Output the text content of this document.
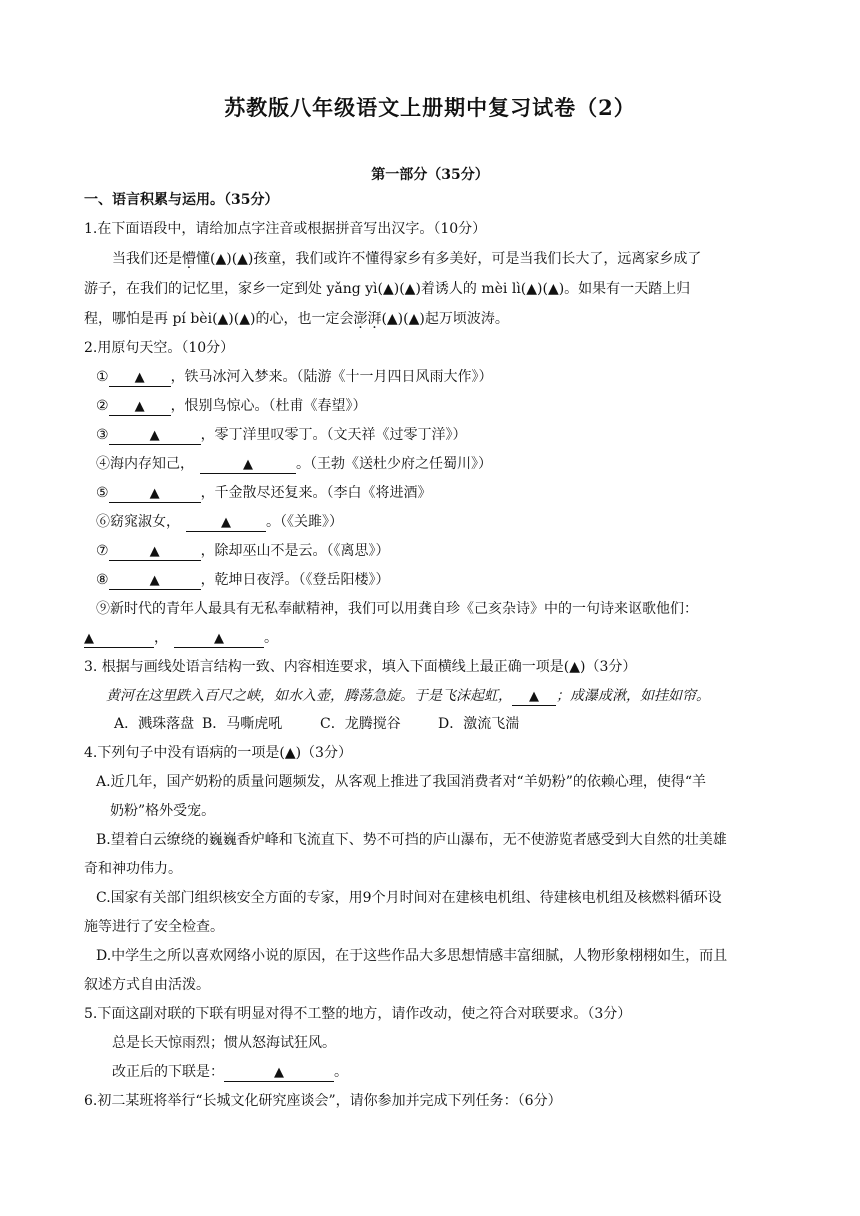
苏教版八年级语文上册期中复习试卷（2）
第一部分（35分）
一、语言积累与运用。（35分）
1.在下面语段中，请给加点字注音或根据拼音写出汉字。（10分）
当我们还是懵懂(▲)(▲)孩童，我们或许不懂得家乡有多美好，可是当我们长大了，远离家乡成了
游子，在我们的记忆里，家乡一定到处 yǎng yì(▲)(▲)着诱人的 mèi lì(▲)(▲)。如果有一天踏上归
程，哪怕是再 pí bèi(▲)(▲)的心，也一定会澎湃(▲)(▲)起万顷波涛。
2.用原句天空。（10分）
① ▲ ，铁马冰河入梦来。（陆游《十一月四日风雨大作》）
② ▲ ，恨别鸟惊心。（杜甫《春望》）
③	▲	，零丁洋里叹零丁。（文天祥《过零丁洋》）
④海内存知己，	▲	。（王勃《送杜少府之任蜀川》）
⑤	▲	，千金散尽还复来。（李白《将进酒》
⑥窈窕淑女，	▲	。（《关雎》）
⑦	▲	，除却巫山不是云。（《离思》）
⑧	▲	，乾坤日夜浮。（《登岳阳楼》）
⑨新时代的青年人最具有无私奉献精神，我们可以用龚自珍《己亥杂诗》中的一句诗来讴歌他们：
▲	，	▲	。
3. 根据与画线处语言结构一致、内容相连要求，填入下面横线上最正确一项是(▲)（3分）
黄河在这里跌入百尺之峡，如水入壶，腾荡急旋。于是飞沫起虹， ▲ ；成瀑成湫，如挂如帘。
A．溅珠落盘 B．马嘶虎吼	C．龙腾搅谷	D．激流飞湍
4.下列句子中没有语病的一项是(▲)（3分）
A.近几年，国产奶粉的质量问题频发，从客观上推进了我国消费者对“羊奶粉”的依赖心理，使得“羊
奶粉”格外受宠。
B.望着白云缭绕的巍巍香炉峰和飞流直下、势不可挡的庐山瀑布，无不使游览者感受到大自然的壮美雄
奇和神功伟力。
C.国家有关部门组织核安全方面的专家，用9个月时间对在建核电机组、待建核电机组及核燃料循环设
施等进行了安全检查。
D.中学生之所以喜欢网络小说的原因，在于这些作品大多思想情感丰富细腻，人物形象栩栩如生，而且
叙述方式自由活泼。
5.下面这副对联的下联有明显对得不工整的地方，请作改动，使之符合对联要求。（3分）
总是长天惊雨烈；惯从怒海试狂风。
改正后的下联是：	▲	。
6.初二某班将举行“长城文化研究座谈会”，请你参加并完成下列任务：（6分）
